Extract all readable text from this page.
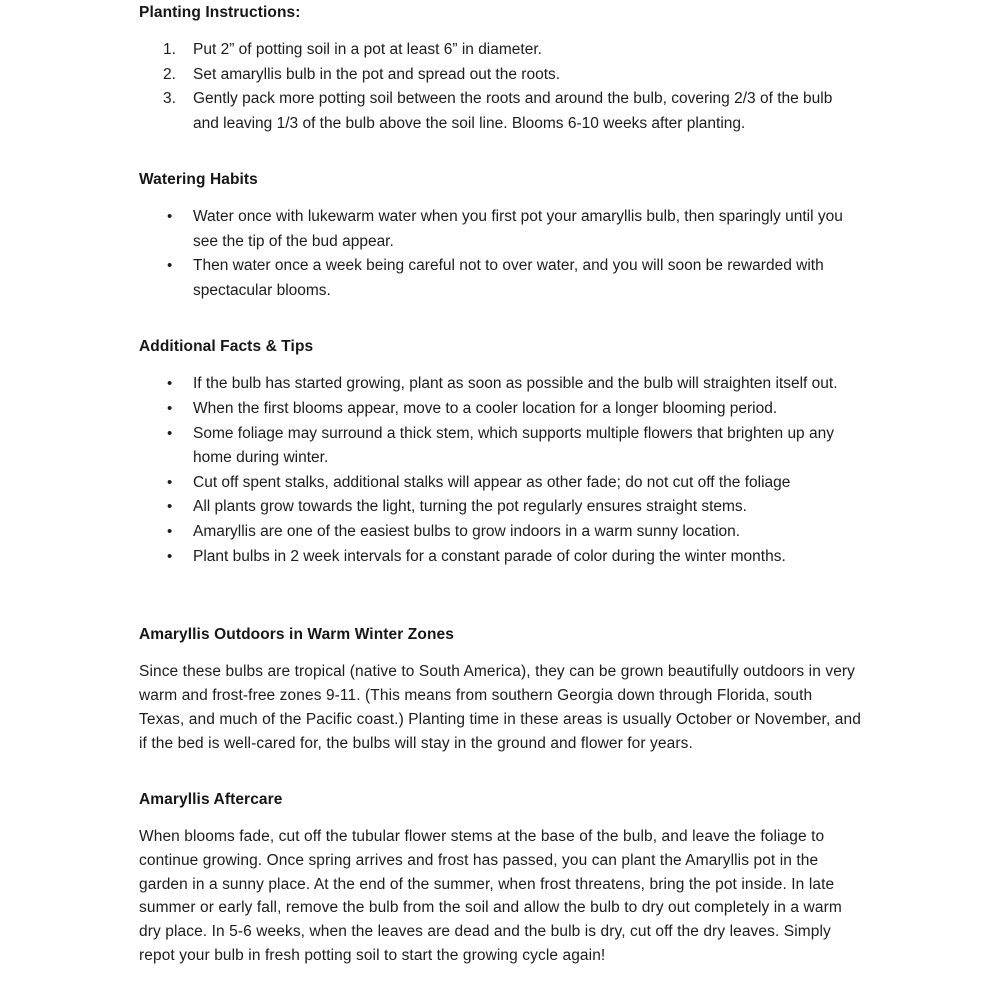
Planting Instructions:
Put 2” of potting soil in a pot at least 6” in diameter.
Set amaryllis bulb in the pot and spread out the roots.
Gently pack more potting soil between the roots and around the bulb, covering 2/3 of the bulb and leaving 1/3 of the bulb above the soil line. Blooms 6-10 weeks after planting.
Watering Habits
• Water once with lukewarm water when you first pot your amaryllis bulb, then sparingly until you see the tip of the bud appear.
• Then water once a week being careful not to over water, and you will soon be rewarded with spectacular blooms.
Additional Facts & Tips
• If the bulb has started growing, plant as soon as possible and the bulb will straighten itself out.
• When the first blooms appear, move to a cooler location for a longer blooming period.
• Some foliage may surround a thick stem, which supports multiple flowers that brighten up any home during winter.
• Cut off spent stalks, additional stalks will appear as other fade; do not cut off the foliage
• All plants grow towards the light, turning the pot regularly ensures straight stems.
• Amaryllis are one of the easiest bulbs to grow indoors in a warm sunny location.
• Plant bulbs in 2 week intervals for a constant parade of color during the winter months.
Amaryllis Outdoors in Warm Winter Zones

Since these bulbs are tropical (native to South America), they can be grown beautifully outdoors in very warm and frost-free zones 9-11. (This means from southern Georgia down through Florida, south Texas, and much of the Pacific coast.) Planting time in these areas is usually October or November, and if the bed is well-cared for, the bulbs will stay in the ground and flower for years.

Amaryllis Aftercare

When blooms fade, cut off the tubular flower stems at the base of the bulb, and leave the foliage to continue growing. Once spring arrives and frost has passed, you can plant the Amaryllis pot in the garden in a sunny place. At the end of the summer, when frost threatens, bring the pot inside. In late summer or early fall, remove the bulb from the soil and allow the bulb to dry out completely in a warm dry place. In 5-6 weeks, when the leaves are dead and the bulb is dry, cut off the dry leaves. Simply repot your bulb in fresh potting soil to start the growing cycle again!
